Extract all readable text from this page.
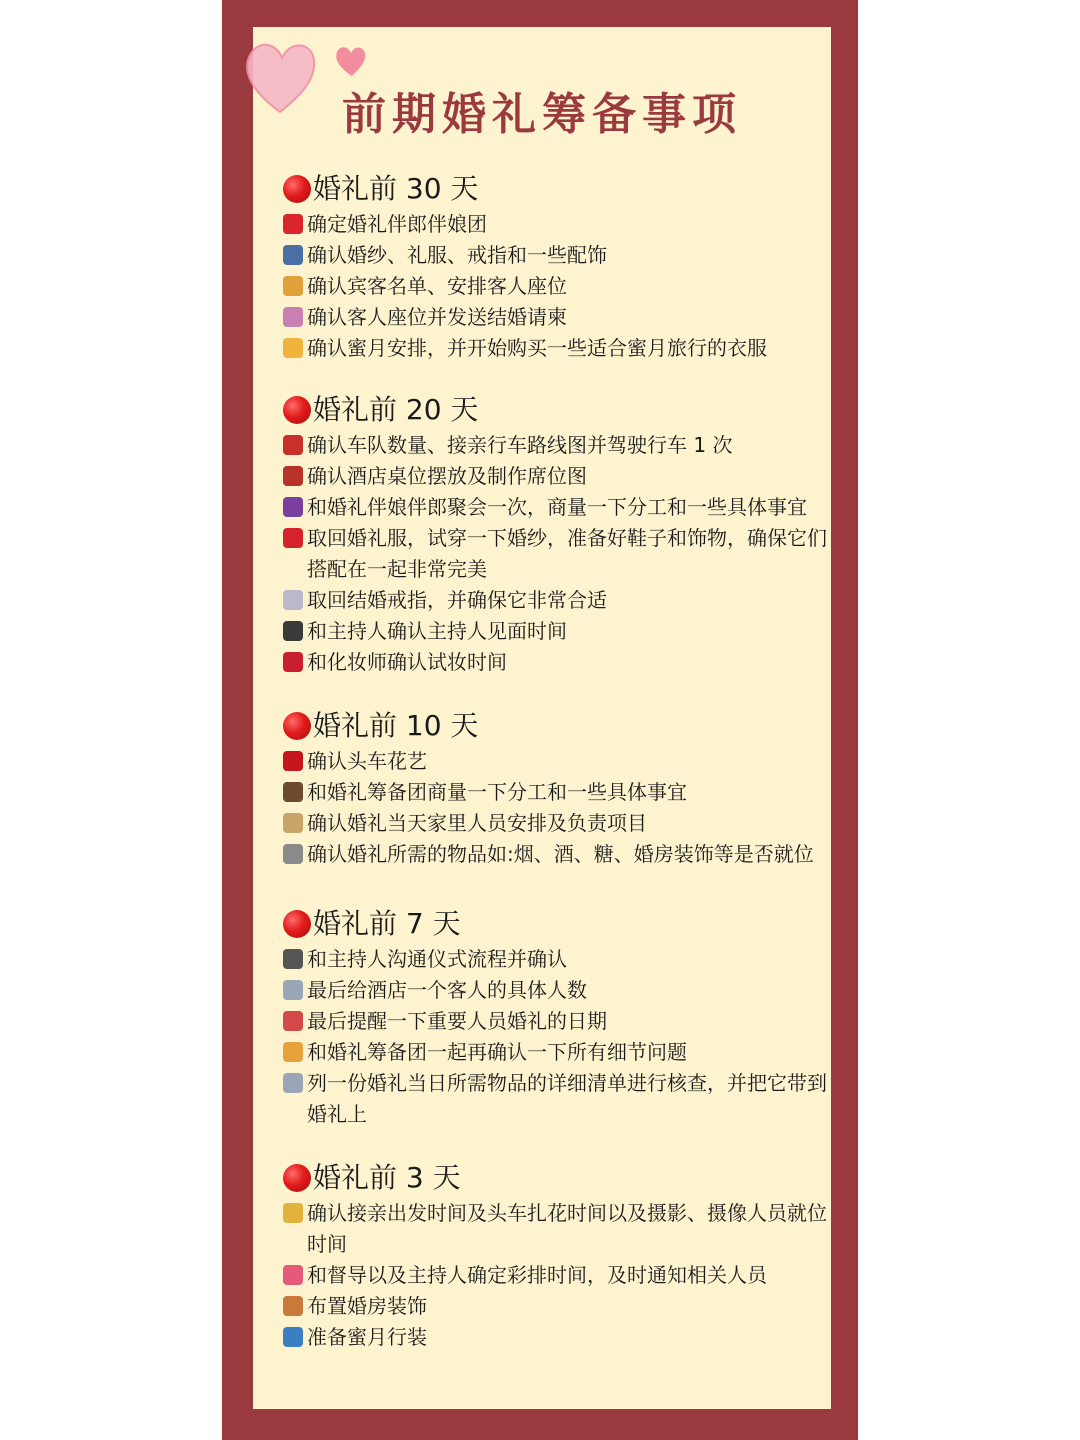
前期婚礼筹备事项
婚礼前 30 天
确定婚礼伴郎伴娘团
确认婚纱、礼服、戒指和一些配饰
确认宾客名单、安排客人座位
确认客人座位并发送结婚请柬
确认蜜月安排，并开始购买一些适合蜜月旅行的衣服
婚礼前 20 天
确认车队数量、接亲行车路线图并驾驶行车 1 次
确认酒店桌位摆放及制作席位图
和婚礼伴娘伴郎聚会一次，商量一下分工和一些具体事宜
取回婚礼服，试穿一下婚纱，准备好鞋子和饰物，确保它们搭配在一起非常完美
取回结婚戒指，并确保它非常合适
和主持人确认主持人见面时间
和化妆师确认试妆时间
婚礼前 10 天
确认头车花艺
和婚礼筹备团商量一下分工和一些具体事宜
确认婚礼当天家里人员安排及负责项目
确认婚礼所需的物品如:烟、酒、糖、婚房装饰等是否就位
婚礼前 7 天
和主持人沟通仪式流程并确认
最后给酒店一个客人的具体人数
最后提醒一下重要人员婚礼的日期
和婚礼筹备团一起再确认一下所有细节问题
列一份婚礼当日所需物品的详细清单进行核查，并把它带到婚礼上
婚礼前 3 天
确认接亲出发时间及头车扎花时间以及摄影、摄像人员就位时间
和督导以及主持人确定彩排时间，及时通知相关人员
布置婚房装饰
准备蜜月行装
